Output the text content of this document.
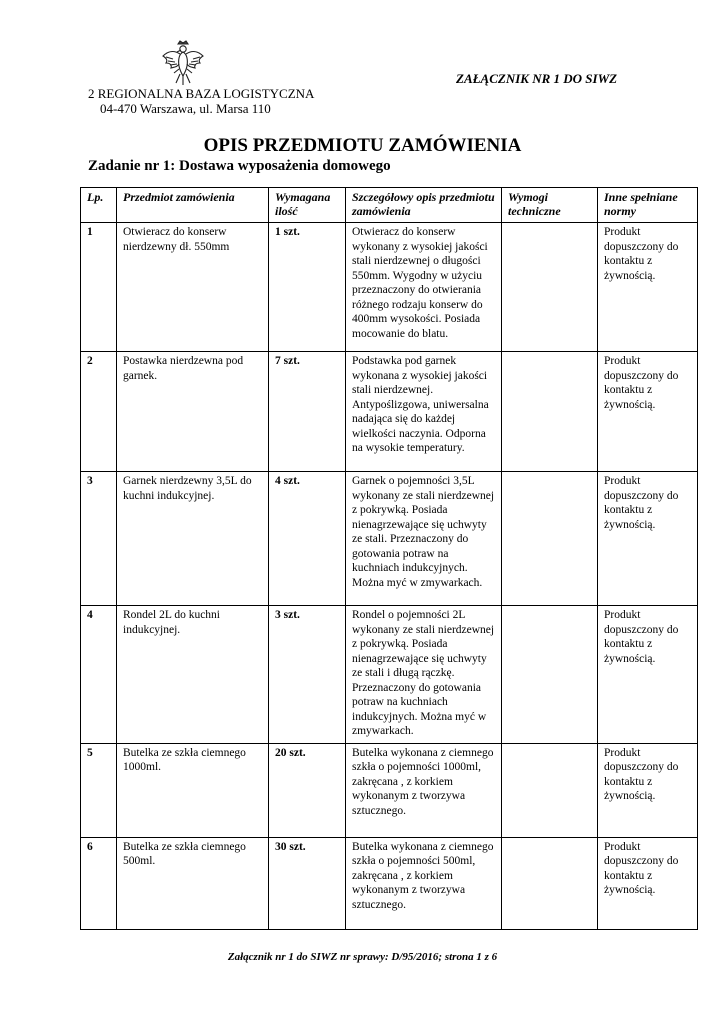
2 REGIONALNA BAZA LOGISTYCZNA
04-470 Warszawa, ul. Marsa 110
ZAŁĄCZNIK NR 1 DO SIWZ
OPIS PRZEDMIOTU ZAMÓWIENIA
Zadanie nr 1: Dostawa wyposażenia domowego
Lp.	Przedmiot zamówienia	Wymagana ilość	Szczegółowy opis przedmiotu zamówienia	Wymogi techniczne	Inne spełniane normy
1	Otwieracz do konserw nierdzewny dł. 550mm	1 szt.	Otwieracz do konserw wykonany z wysokiej jakości stali nierdzewnej o długości 550mm. Wygodny w użyciu przeznaczony do otwierania różnego rodzaju konserw do 400mm wysokości. Posiada mocowanie do blatu.		Produkt dopuszczony do kontaktu z żywnością.
2	Postawka nierdzewna pod garnek.	7 szt.	Podstawka pod garnek wykonana z wysokiej jakości stali nierdzewnej. Antypoślizgowa, uniwersalna nadająca się do każdej wielkości naczynia. Odporna na wysokie temperatury.		Produkt dopuszczony do kontaktu z żywnością.
3	Garnek nierdzewny 3,5L do kuchni indukcyjnej.	4 szt.	Garnek o pojemności 3,5L wykonany ze stali nierdzewnej z pokrywką. Posiada nienagrzewające się uchwyty ze stali. Przeznaczony do gotowania potraw na kuchniach indukcyjnych. Można myć w zmywarkach.		Produkt dopuszczony do kontaktu z żywnością.
4	Rondel 2L do kuchni indukcyjnej.	3 szt.	Rondel o pojemności 2L wykonany ze stali nierdzewnej z pokrywką. Posiada nienagrzewające się uchwyty ze stali i długą rączkę. Przeznaczony do gotowania potraw na kuchniach indukcyjnych. Można myć w zmywarkach.		Produkt dopuszczony do kontaktu z żywnością.
5	Butelka ze szkła ciemnego 1000ml.	20 szt.	Butelka wykonana z ciemnego szkła o pojemności 1000ml, zakręcana , z korkiem wykonanym z tworzywa sztucznego.		Produkt dopuszczony do kontaktu z żywnością.
6	Butelka ze szkła ciemnego 500ml.	30 szt.	Butelka wykonana z ciemnego szkła o pojemności 500ml, zakręcana , z korkiem wykonanym z tworzywa sztucznego.		Produkt dopuszczony do kontaktu z żywnością.
Załącznik nr 1 do SIWZ nr sprawy: D/95/2016; strona 1 z 6
